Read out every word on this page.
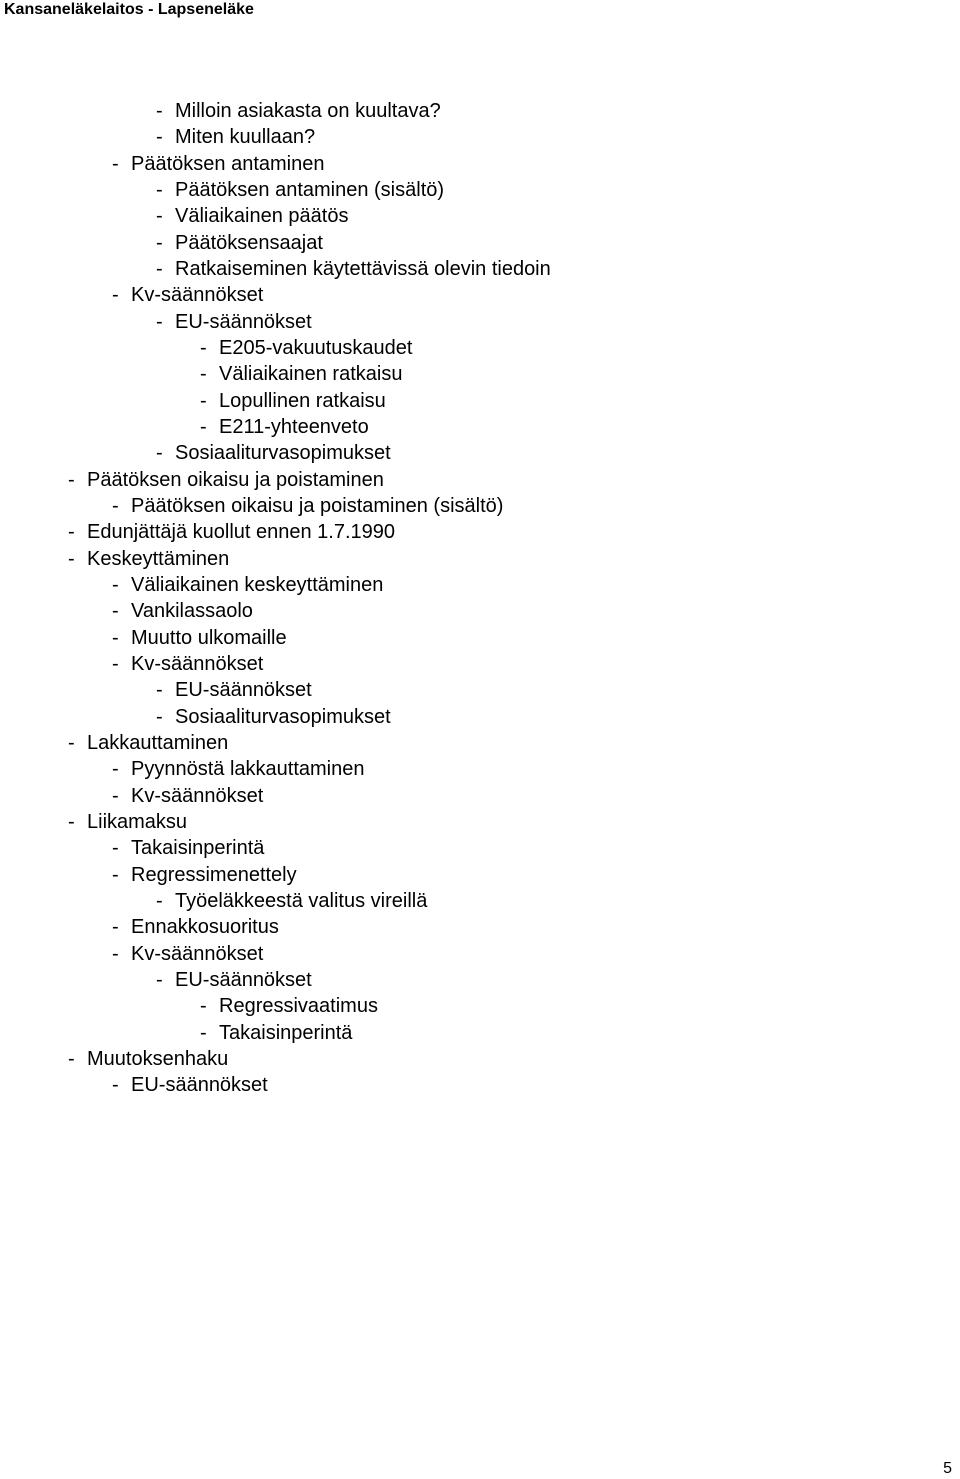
Kansaneläkelaitos - Lapseneläke
- Milloin asiakasta on kuultava?
- Miten kuullaan?
- Päätöksen antaminen
- Päätöksen antaminen (sisältö)
- Väliaikainen päätös
- Päätöksensaajat
- Ratkaiseminen käytettävissä olevin tiedoin
- Kv-säännökset
- EU-säännökset
- E205-vakuutuskaudet
- Väliaikainen ratkaisu
- Lopullinen ratkaisu
- E211-yhteenveto
- Sosiaaliturvasopimukset
- Päätöksen oikaisu ja poistaminen
- Päätöksen oikaisu ja poistaminen (sisältö)
- Edunjättäjä kuollut ennen 1.7.1990
- Keskeyttäminen
- Väliaikainen keskeyttäminen
- Vankilassaolo
- Muutto ulkomaille
- Kv-säännökset
- EU-säännökset
- Sosiaaliturvasopimukset
- Lakkauttaminen
- Pyynnöstä lakkauttaminen
- Kv-säännökset
- Liikamaksu
- Takaisinperintä
- Regressimenettely
- Työeläkkeestä valitus vireillä
- Ennakkosuoritus
- Kv-säännökset
- EU-säännökset
- Regressivaatimus
- Takaisinperintä
- Muutoksenhaku
- EU-säännökset
5
